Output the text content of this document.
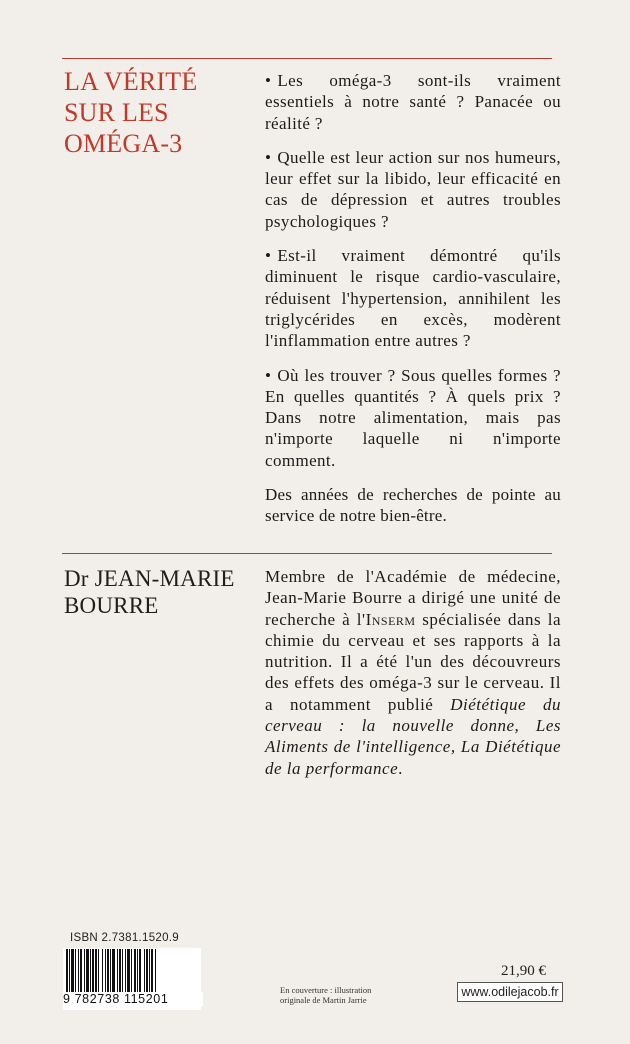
LA VÉRITÉ
SUR LES
OMÉGA-3

• Les oméga-3 sont-ils vraiment essentiels à notre santé ? Panacée ou réalité ?

• Quelle est leur action sur nos humeurs, leur effet sur la libido, leur efficacité en cas de dépression et autres troubles psychologiques ?

• Est-il vraiment démontré qu'ils diminuent le risque cardio-vasculaire, réduisent l'hypertension, annihilent les triglycérides en excès, modèrent l'inflammation entre autres ?

• Où les trouver ? Sous quelles formes ? En quelles quantités ? À quels prix ? Dans notre alimentation, mais pas n'importe laquelle ni n'importe comment.

Des années de recherches de pointe au service de notre bien-être.

Dr JEAN-MARIE
BOURRE
Membre de l'Académie de médecine, Jean-Marie Bourre a dirigé une unité de recherche à l'Inserm spécialisée dans la chimie du cerveau et ses rapports à la nutrition. Il a été l'un des découvreurs des effets des oméga-3 sur le cerveau. Il a notamment publié Diététique du cerveau : la nouvelle donne, Les Aliments de l'intelligence, La Diététique de la performance.
ISBN 2.7381.1520.9
9 782738 115201
En couverture : illustration
originale de Martin Jarrie
21,90 €
www.odilejacob.fr
